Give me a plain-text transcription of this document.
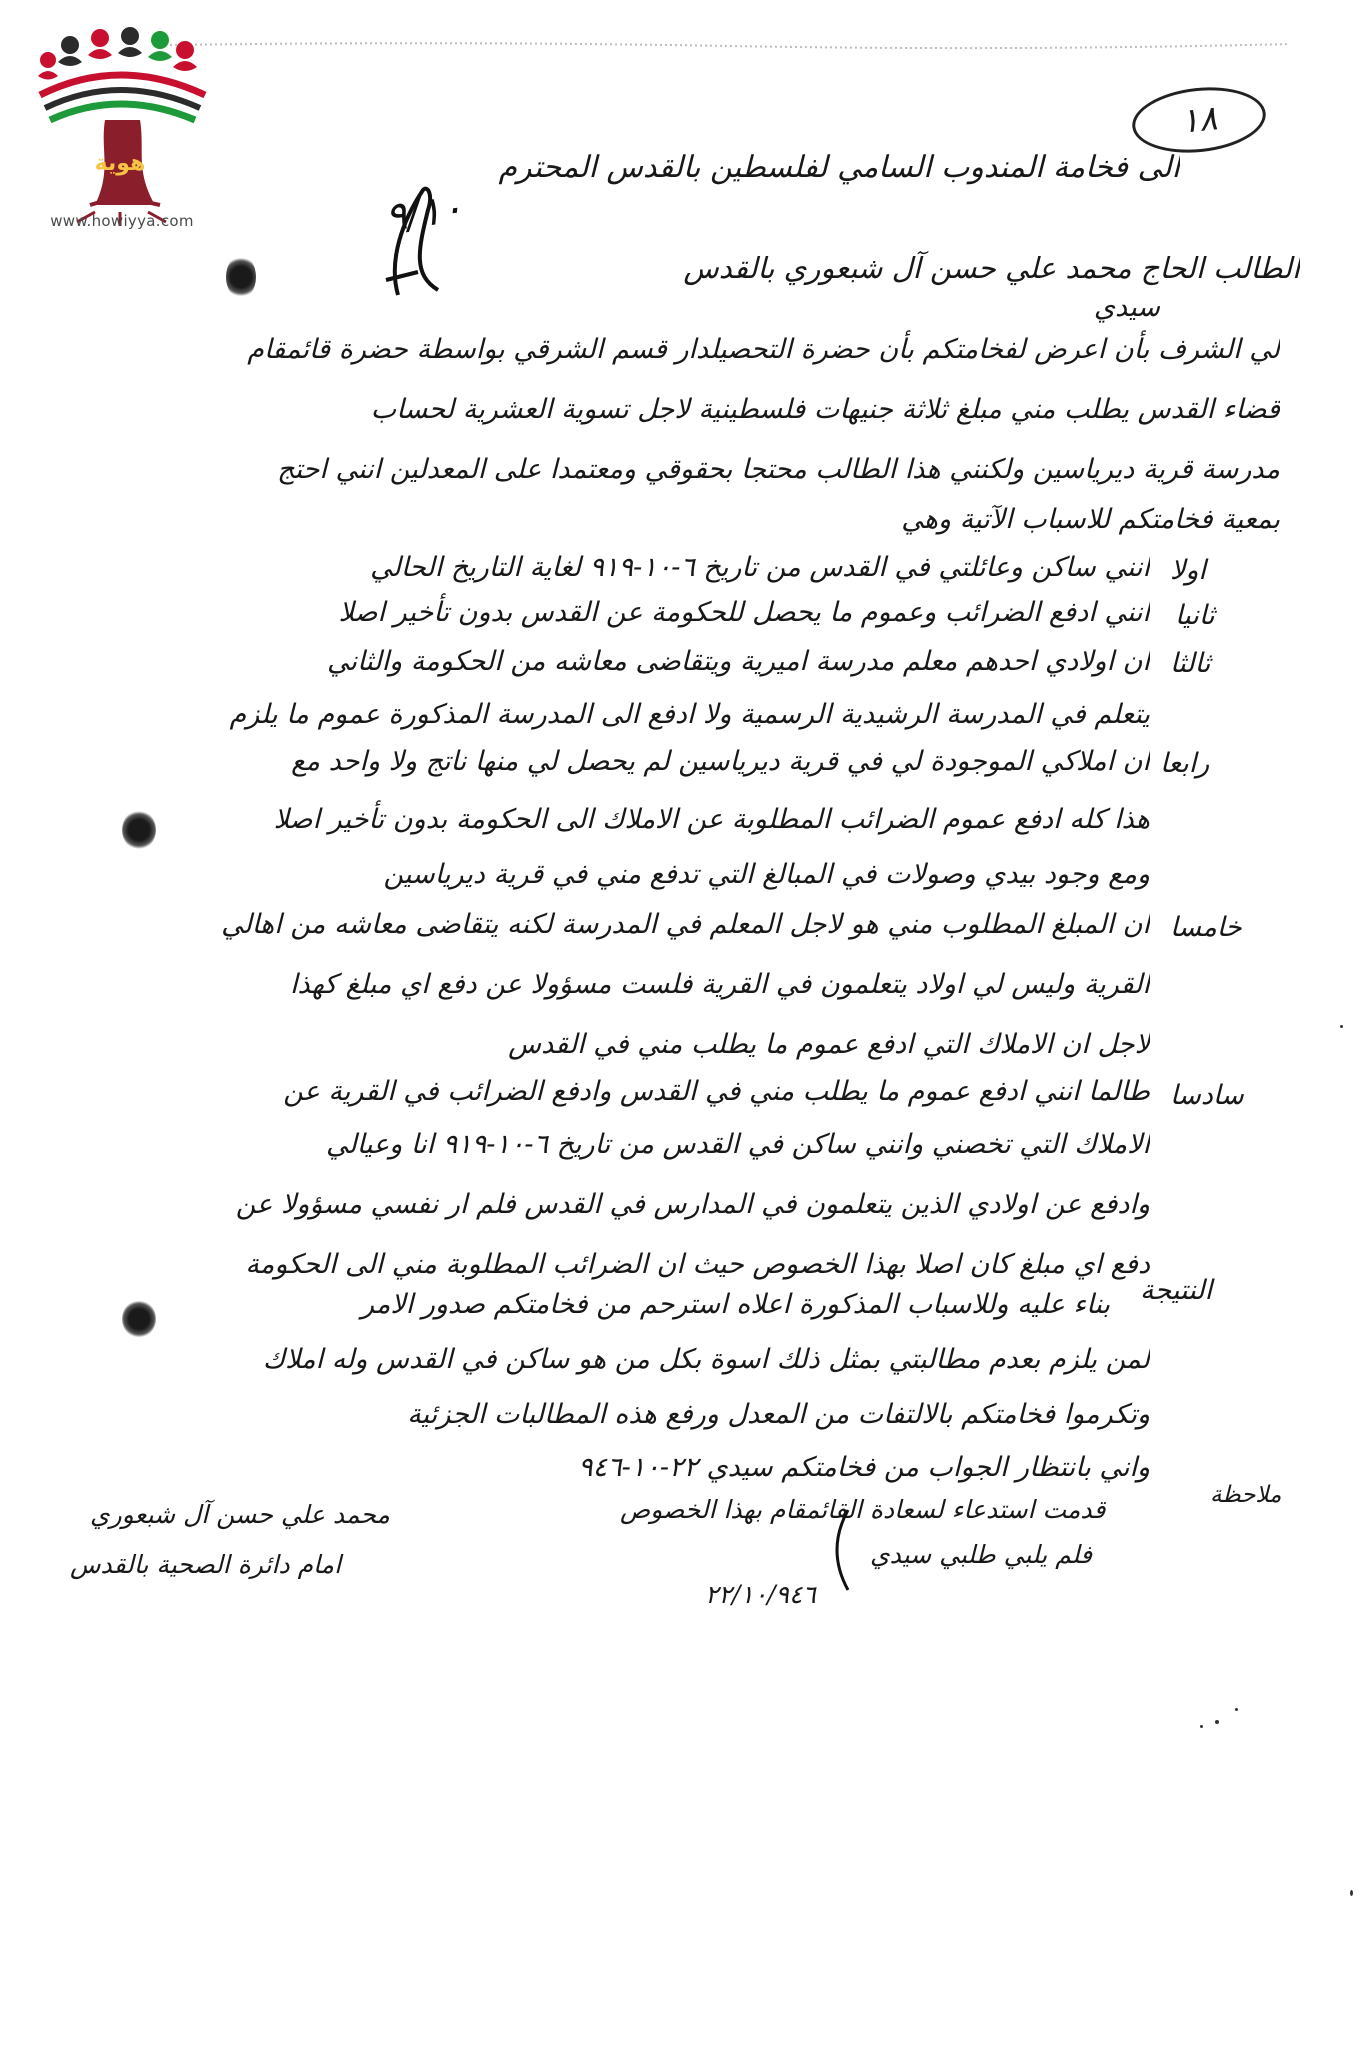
هوية
www.howiyya.com
١٨
الى فخامة المندوب السامي لفلسطين بالقدس المحترم
٩/١٠
الطالب الحاج محمد علي حسن آل شبعوري بالقدس
سيدي
لي الشرف بأن اعرض لفخامتكم بأن حضرة التحصيلدار قسم الشرقي بواسطة حضرة قائمقام
قضاء القدس يطلب مني مبلغ ثلاثة جنيهات فلسطينية لاجل تسوية العشرية لحساب
مدرسة قرية ديرياسين ولكنني هذا الطالب محتجا بحقوقي ومعتمدا على المعدلين انني احتج
بمعية فخامتكم للاسباب الآتية وهي
اولا
انني ساكن وعائلتي في القدس من تاريخ ٦-١٠-٩١٩ لغاية التاريخ الحالي
ثانيا
انني ادفع الضرائب وعموم ما يحصل للحكومة عن القدس بدون تأخير اصلا
ثالثا
ان اولادي احدهم معلم مدرسة اميرية ويتقاضى معاشه من الحكومة والثاني
يتعلم في المدرسة الرشيدية الرسمية ولا ادفع الى المدرسة المذكورة عموم ما يلزم
رابعا
ان املاكي الموجودة لي في قرية ديرياسين لم يحصل لي منها ناتج ولا واحد مع
هذا كله ادفع عموم الضرائب المطلوبة عن الاملاك الى الحكومة بدون تأخير اصلا
ومع وجود بيدي وصولات في المبالغ التي تدفع مني في قرية ديرياسين
خامسا
ان المبلغ المطلوب مني هو لاجل المعلم في المدرسة لكنه يتقاضى معاشه من اهالي
القرية وليس لي اولاد يتعلمون في القرية فلست مسؤولا عن دفع اي مبلغ كهذا
لاجل ان الاملاك التي ادفع عموم ما يطلب مني في القدس
سادسا
طالما انني ادفع عموم ما يطلب مني في القدس وادفع الضرائب في القرية عن
الاملاك التي تخصني وانني ساكن في القدس من تاريخ ٦-١٠-٩١٩ انا وعيالي
وادفع عن اولادي الذين يتعلمون في المدارس في القدس فلم ار نفسي مسؤولا عن
دفع اي مبلغ كان اصلا بهذا الخصوص حيث ان الضرائب المطلوبة مني الى الحكومة
النتيجة
بناء عليه وللاسباب المذكورة اعلاه استرحم من فخامتكم صدور الامر
لمن يلزم بعدم مطالبتي بمثل ذلك اسوة بكل من هو ساكن في القدس وله املاك
وتكرموا فخامتكم بالالتفات من المعدل ورفع هذه المطالبات الجزئية
واني بانتظار الجواب من فخامتكم سيدي ٢٢-١٠-٩٤٦
محمد علي حسن آل شبعوري
امام دائرة الصحية بالقدس
ملاحظة
قدمت استدعاء لسعادة القائمقام بهذا الخصوص
فلم يلبي طلبي سيدي
٢٢/١٠/٩٤٦
